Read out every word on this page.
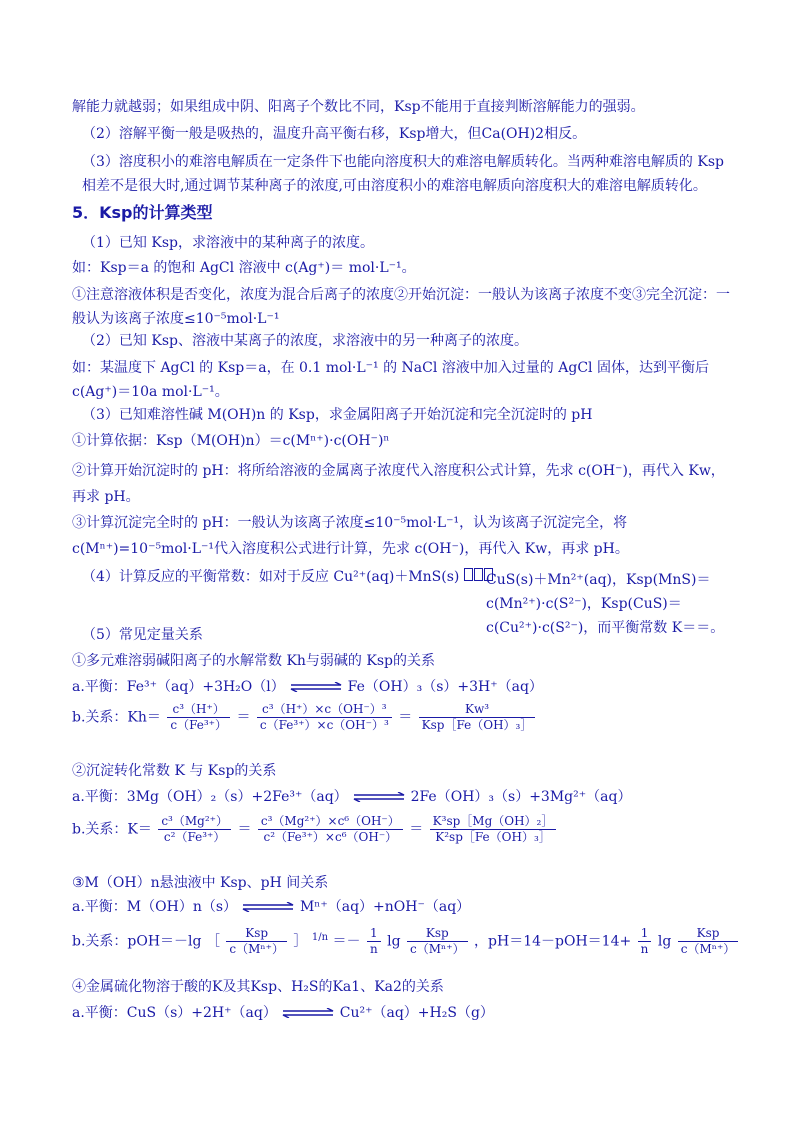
解能力就越弱；如果组成中阴、阳离子个数比不同，Ksp不能用于直接判断溶解能力的强弱。
（2）溶解平衡一般是吸热的，温度升高平衡右移，Ksp增大，但Ca(OH)2相反。
（3）溶度积小的难溶电解质在一定条件下也能向溶度积大的难溶电解质转化。当两种难溶电解质的 Ksp相差不是很大时,通过调节某种离子的浓度,可由溶度积小的难溶电解质向溶度积大的难溶电解质转化。
5．Ksp的计算类型
（1）已知 Ksp，求溶液中的某种离子的浓度。
如：Ksp＝a 的饱和 AgCl 溶液中 c(Ag⁺)＝ mol·L⁻¹。
①注意溶液体积是否变化，浓度为混合后离子的浓度②开始沉淀：一般认为该离子浓度不变③完全沉淀：一般认为该离子浓度≤10⁻⁵mol·L⁻¹
（2）已知 Ksp、溶液中某离子的浓度，求溶液中的另一种离子的浓度。
如：某温度下 AgCl 的 Ksp＝a，在 0.1 mol·L⁻¹ 的 NaCl 溶液中加入过量的 AgCl 固体，达到平衡后 c(Ag⁺)＝10a mol·L⁻¹。
（3）已知难溶性碱 M(OH)n 的 Ksp，求金属阳离子开始沉淀和完全沉淀时的 pH
①计算依据：Ksp（M(OH)n）＝c(Mⁿ⁺)·c(OH⁻)ⁿ
②计算开始沉淀时的 pH：将所给溶液的金属离子浓度代入溶度积公式计算，先求 c(OH⁻)，再代入 Kw，再求 pH。
③计算沉淀完全时的 pH：一般认为该离子浓度≤10⁻⁵mol·L⁻¹，认为该离子沉淀完全，将 c(Mⁿ⁺)=10⁻⁵mol·L⁻¹代入溶度积公式进行计算，先求 c(OH⁻)，再代入 Kw，再求 pH。
（4）计算反应的平衡常数：如对于反应 Cu²⁺(aq)＋MnS(s)	CuS(s)＋Mn²⁺(aq)，Ksp(MnS)＝c(Mn²⁺)·c(S²⁻)，Ksp(CuS)＝c(Cu²⁺)·c(S²⁻)，而平衡常数 K＝＝。
（5）常见定量关系
①多元难溶弱碱阳离子的水解常数 Kh与弱碱的 Ksp的关系
a.平衡：Fe³⁺（aq）+3H₂O（l） ⇌ Fe（OH）₃（s）+3H⁺（aq）
b.关系：$Kh= \frac{\text{c³（H⁺）}}{\text{c（Fe³⁺）}} = \frac{\text{c³（H⁺）×c（OH⁻）³}}{\text{c（Fe³⁺）×c（OH⁻）³}} = \frac{\text{Kw³}}{\text{Ksp［Fe（OH）₃］}}$
②沉淀转化常数 K 与 Ksp的关系
a.平衡：3Mg（OH）₂（s）+2Fe³⁺（aq） ⇌ 2Fe（OH）₃（s）+3Mg²⁺（aq）
b.关系：$K= \frac{\text{c³（Mg²⁺）}}{\text{c²（Fe³⁺）}} = \frac{\text{c³（Mg²⁺）×c⁶（OH⁻）}}{\text{c²（Fe³⁺）×c⁶（OH⁻）}} = \frac{\text{K³sp［Mg（OH）₂］}}{\text{K²sp［Fe（OH）₃］}}$
③M（OH）n悬浊液中 Ksp、pH 间关系
a.平衡：M（OH）n（s） ⇌ Mⁿ⁺（aq）+nOH⁻（aq）
b.关系：pOH＝－lg ［ $\frac{\text{Ksp}}{\text{c（Mⁿ⁺）}}$ ］ $^{1/n} =- \frac{1}{n}$ $\lg \frac{\text{Ksp}}{\text{c（Mⁿ⁺）}}$ ，$pH=14-pOH=14+ \frac{1}{n}$ $\lg \frac{\text{Ksp}}{\text{c（Mⁿ⁺）}}$
④金属硫化物溶于酸的K及其Ksp、H₂S的Ka1、Ka2的关系
a.平衡：CuS（s）+2H⁺（aq） ⇌ Cu²⁺（aq）+H₂S（g）
